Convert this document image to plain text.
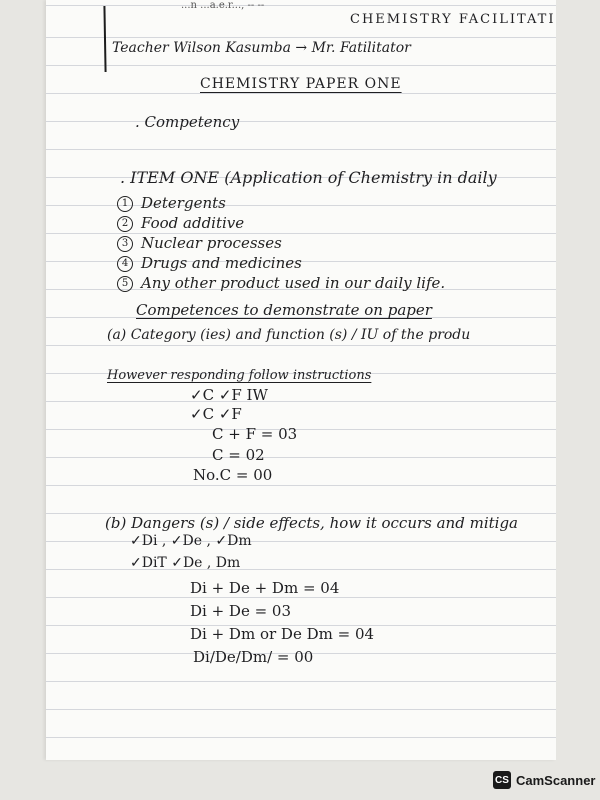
...n ...a.e.r..., -- --
CHEMISTRY FACILITATI
Teacher Wilson Kasumba → Mr. Fatilitator
CHEMISTRY PAPER ONE
. Competency
. ITEM ONE (Application of Chemistry in daily
1 Detergents
2 Food additive
3 Nuclear processes
4 Drugs and medicines
5 Any other product used in our daily life.
Competences to demonstrate on paper
(a) Category (ies) and function (s) / IU of the produ
However responding follow instructions
✓C ✓F IW
✓C ✓F
C + F = 03
C = 02
No.C = 00
(b) Dangers (s) / side effects, how it occurs and mitiga
✓Di , ✓De , ✓Dm
✓DiT ✓De , Dm
Di + De + Dm = 04
Di + De = 03
Di + Dm or De Dm = 04
Di/De/Dm/ = 00
CS CamScanner
